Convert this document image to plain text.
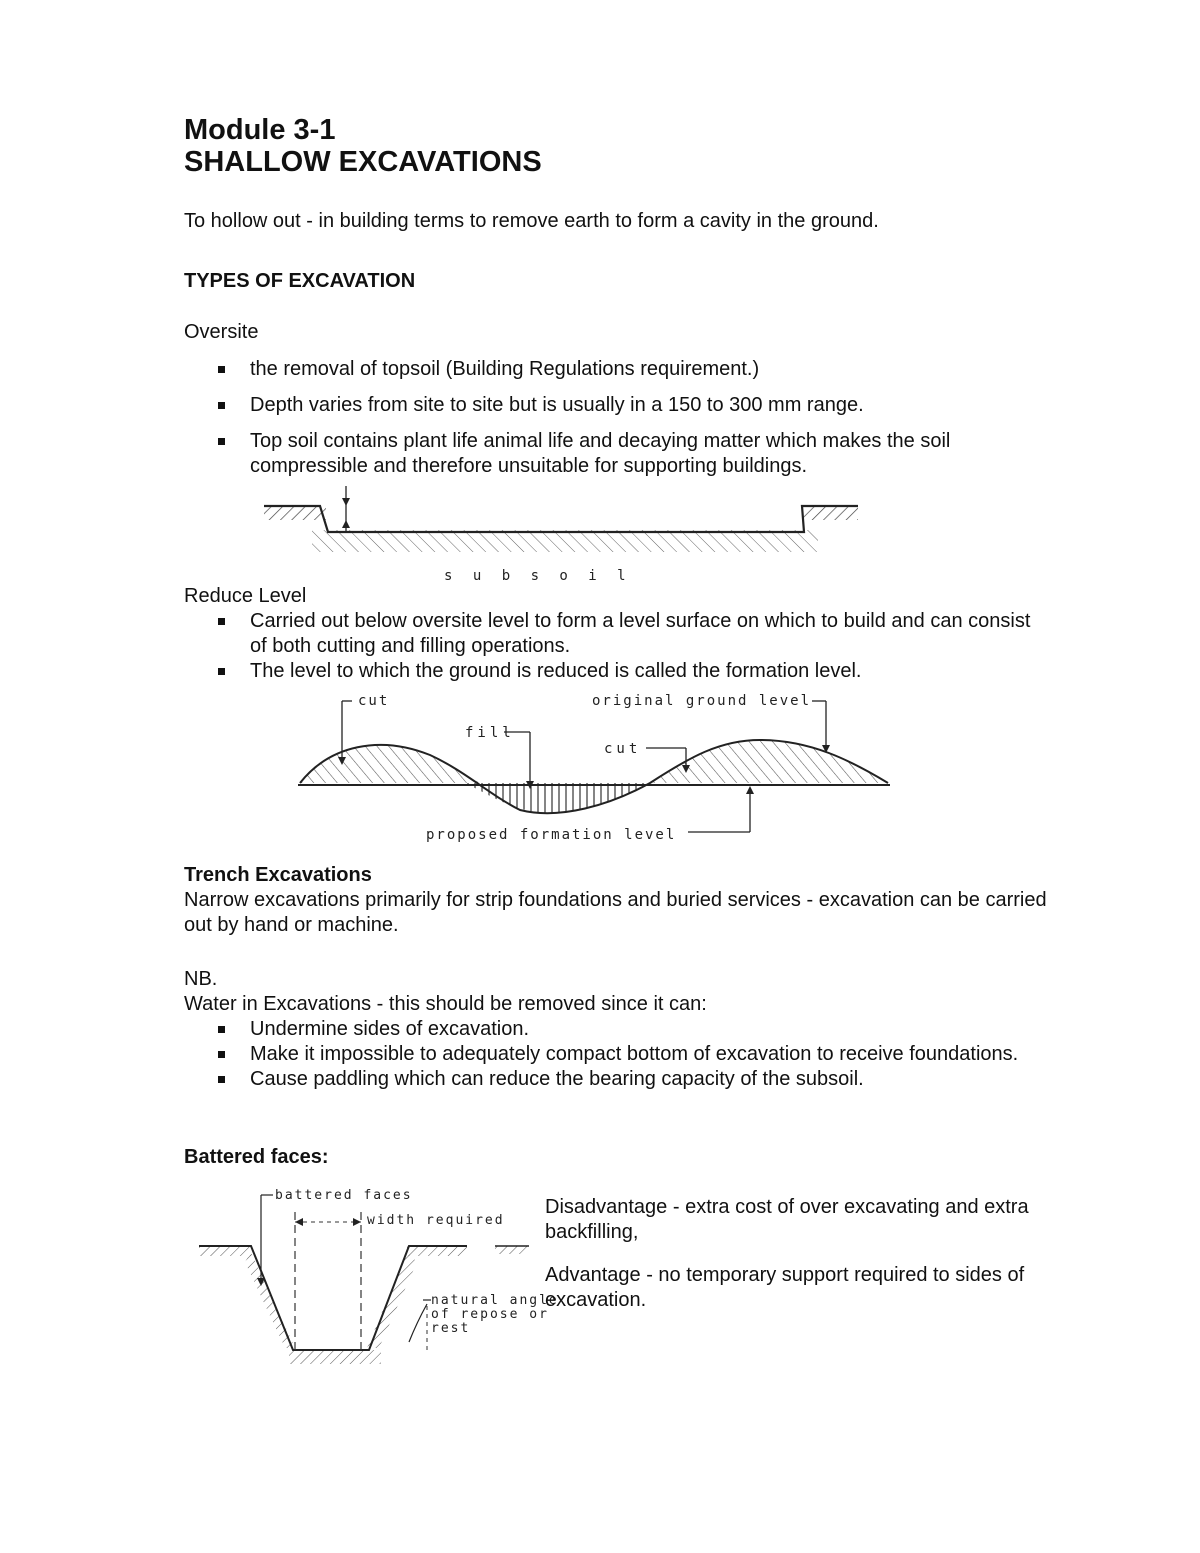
Module 3-1
SHALLOW EXCAVATIONS
To hollow out - in building terms to remove earth to form a cavity in the ground.
TYPES OF EXCAVATION
Oversite
the removal of topsoil (Building Regulations requirement.)
Depth varies from site to site but is usually in a 150 to 300 mm range.
Top soil contains plant life animal life and decaying matter which makes the soil compressible and therefore unsuitable for supporting buildings.
s u b s o i l
Reduce Level
Carried out below oversite level to form a level surface on which to build and can consist of both cutting and filling operations.
The level to which the ground is reduced is called the formation level.
cut
fill
cut
original ground level
proposed formation level
Trench Excavations
Narrow excavations primarily for strip foundations and buried services - excavation can be carried out by hand or machine.
NB.
Water in Excavations - this should be removed since it can:
Undermine sides of excavation.
Make it impossible to adequately compact bottom of excavation to receive foundations.
Cause paddling which can reduce the bearing capacity of the subsoil.
Battered faces:
battered faces
width required
natural angle
of repose or
rest
Disadvantage - extra cost of over excavating and extra backfilling,
Advantage - no temporary support required to sides of excavation.
